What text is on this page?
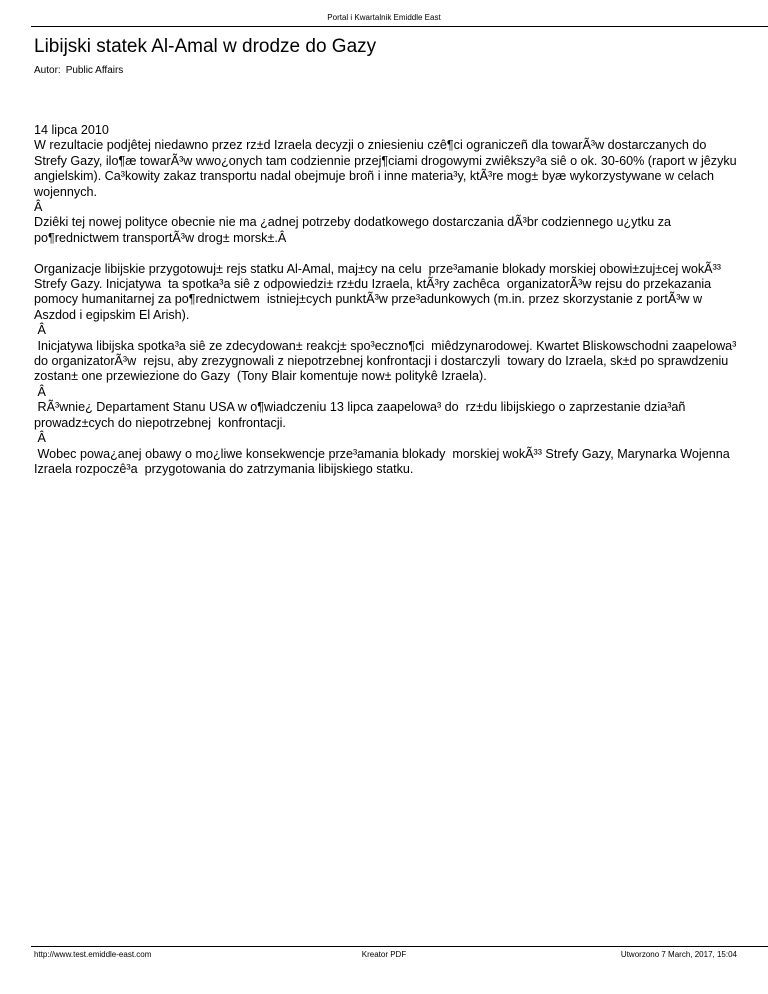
Portal i Kwartalnik Emiddle East
Libijski statek Al-Amal w drodze do Gazy
Autor: Public Affairs

14 lipca 2010

W rezultacie podjêtej niedawno przez rz±d Izraela decyzji o zniesieniu czê¶ci ograniczeñ dla towarÃ³w dostarczanych do Strefy Gazy, ilo¶æ towarÃ³w wwo¿onych tam codziennie przej¶ciami drogowymi zwiêkszy³a siê o ok. 30-60% (raport w jêzyku angielskim). Ca³kowity zakaz transportu nadal obejmuje broñ i inne materia³y, ktÃ³re mog± byæ wykorzystywane w celach wojennych.

Â

Dziêki tej nowej polityce obecnie nie ma ¿adnej potrzeby dodatkowego dostarczania dÃ³br codziennego u¿ytku za po¶rednictwem transportÃ³w drog± morsk±.Â

Organizacje libijskie przygotowuj± rejs statku Al-Amal, maj±cy na celu  prze³amanie blokady morskiej obowi±zuj±cej wokÃ³³ Strefy Gazy. Inicjatywa  ta spotka³a siê z odpowiedzi± rz±du Izraela, ktÃ³ry zachêca  organizatorÃ³w rejsu do przekazania pomocy humanitarnej za po¶rednictwem  istniej±cych punktÃ³w prze³adunkowych (m.in. przez skorzystanie z portÃ³w w  Aszdod i egipskim El Arish).

Â

Inicjatywa libijska spotka³a siê ze zdecydowan± reakcj± spo³eczno¶ci  miêdzynarodowej. Kwartet Bliskowschodni zaapelowa³ do organizatorÃ³w  rejsu, aby zrezygnowali z niepotrzebnej konfrontacji i dostarczyli  towary do Izraela, sk±d po sprawdzeniu zostan± one przewiezione do Gazy  (Tony Blair komentuje now± politykê Izraela).

Â

RÃ³wnie¿ Departament Stanu USA w o¶wiadczeniu 13 lipca zaapelowa³ do  rz±du libijskiego o zaprzestanie dzia³añ prowadz±cych do niepotrzebnej  konfrontacji.

Â

Wobec powa¿anej obawy o mo¿liwe konsekwencje prze³amania blokady  morskiej wokÃ³³ Strefy Gazy, Marynarka Wojenna Izraela rozpoczê³a  przygotowania do zatrzymania libijskiego statku.

http://www.test.emiddle-east.com	Kreator PDF	Utworzono 7 March, 2017, 15:04
